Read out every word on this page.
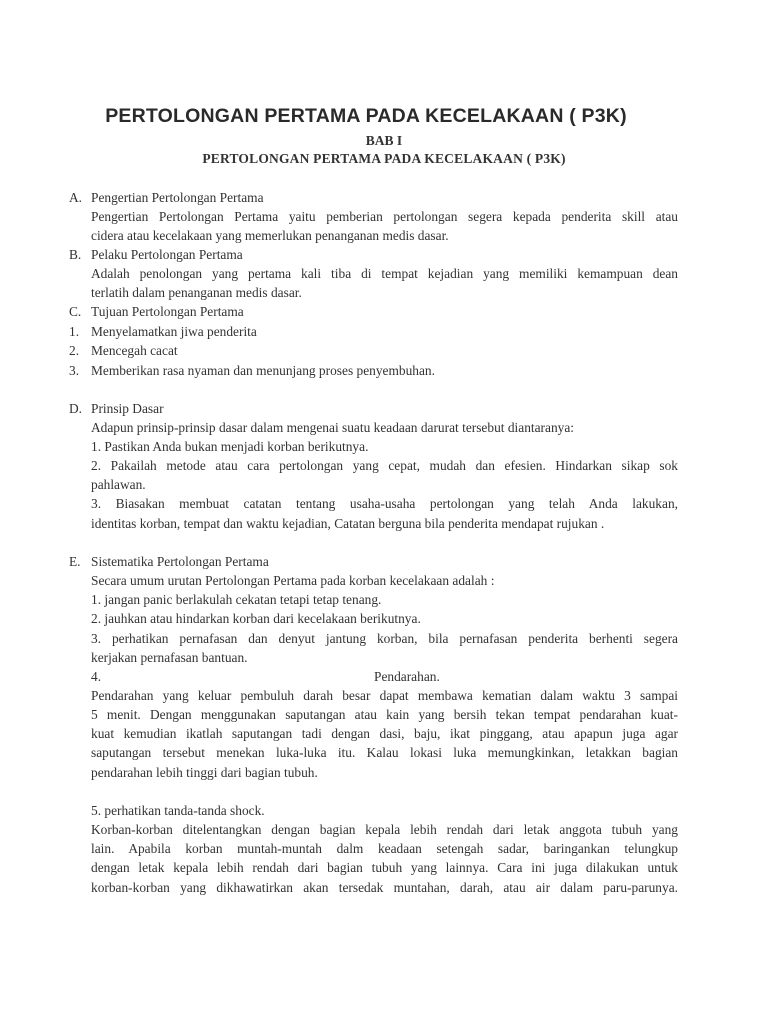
PERTOLONGAN PERTAMA PADA KECELAKAAN ( P3K)
BAB I
PERTOLONGAN PERTAMA PADA KECELAKAAN ( P3K)
A. Pengertian Pertolongan Pertama
Pengertian Pertolongan Pertama yaitu pemberian pertolongan segera kepada penderita skill atau
cidera atau kecelakaan yang memerlukan penanganan medis dasar.
B. Pelaku Pertolongan Pertama
Adalah penolongan yang pertama kali tiba di tempat kejadian yang memiliki kemampuan dean
terlatih dalam penanganan medis dasar.
C. Tujuan Pertolongan Pertama
1. Menyelamatkan jiwa penderita
2. Mencegah cacat
3. Memberikan rasa nyaman dan menunjang proses penyembuhan.
D. Prinsip Dasar
Adapun prinsip-prinsip dasar dalam mengenai suatu keadaan darurat tersebut diantaranya:
1. Pastikan Anda bukan menjadi korban berikutnya.
2. Pakailah metode atau cara pertolongan yang cepat, mudah dan efesien. Hindarkan sikap sok
pahlawan.
3. Biasakan membuat catatan tentang usaha-usaha pertolongan yang telah Anda lakukan,
identitas korban, tempat dan waktu kejadian, Catatan berguna bila penderita mendapat rujukan .
E. Sistematika Pertolongan Pertama
Secara umum urutan Pertolongan Pertama pada korban kecelakaan adalah :
1. jangan panic berlakulah cekatan tetapi tetap tenang.
2. jauhkan atau hindarkan korban dari kecelakaan berikutnya.
3. perhatikan pernafasan dan denyut jantung korban, bila pernafasan penderita berhenti segera
kerjakan pernafasan bantuan.
4.	Pendarahan.
Pendarahan yang keluar pembuluh darah besar dapat membawa kematian dalam waktu 3 sampai
5 menit. Dengan menggunakan saputangan atau kain yang bersih tekan tempat pendarahan kuat-
kuat kemudian ikatlah saputangan tadi dengan dasi, baju, ikat pinggang, atau apapun juga agar
saputangan tersebut menekan luka-luka itu. Kalau lokasi luka memungkinkan, letakkan bagian
pendarahan lebih tinggi dari bagian tubuh.
5. perhatikan tanda-tanda shock.
Korban-korban ditelentangkan dengan bagian kepala lebih rendah dari letak anggota tubuh yang
lain. Apabila korban muntah-muntah dalm keadaan setengah sadar, baringankan telungkup
dengan letak kepala lebih rendah dari bagian tubuh yang lainnya. Cara ini juga dilakukan untuk
korban-korban yang dikhawatirkan akan tersedak muntahan, darah, atau air dalam paru-parunya.
